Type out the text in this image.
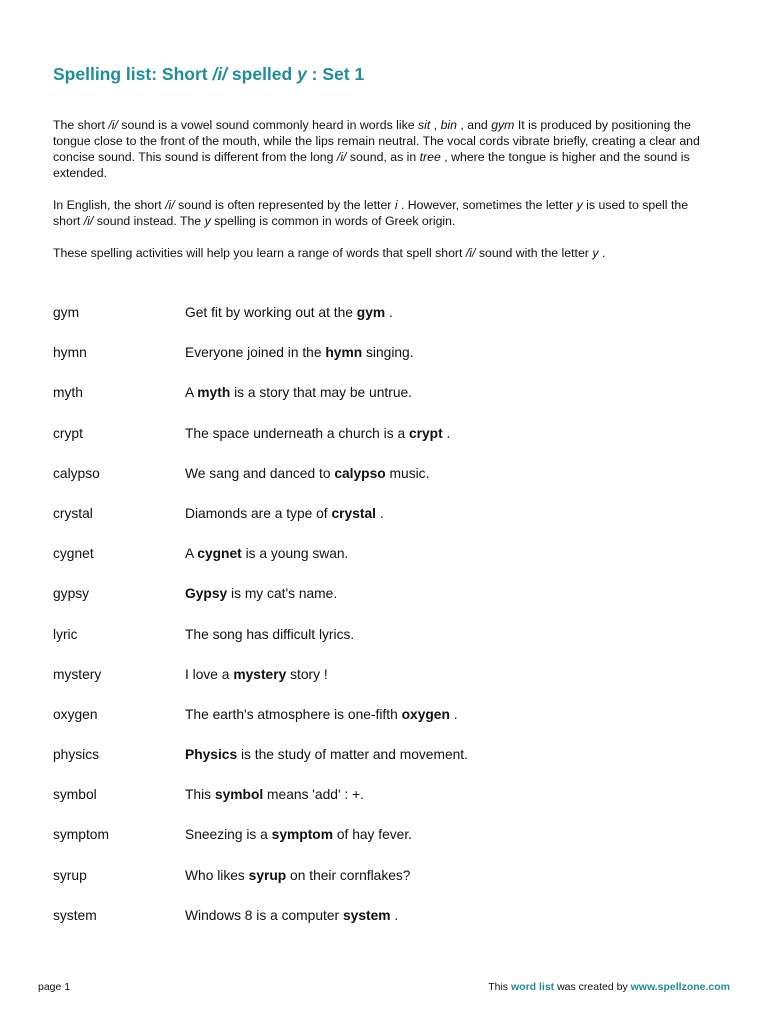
Spelling list: Short /i/ spelled y : Set 1

The short /i/ sound is a vowel sound commonly heard in words like sit , bin , and gym It is produced by positioning the tongue close to the front of the mouth, while the lips remain neutral. The vocal cords vibrate briefly, creating a clear and concise sound. This sound is different from the long /i/ sound, as in tree , where the tongue is higher and the sound is extended.

In English, the short /i/ sound is often represented by the letter i . However, sometimes the letter y is used to spell the short /i/ sound instead. The y spelling is common in words of Greek origin.

These spelling activities will help you learn a range of words that spell short /i/ sound with the letter y .

gym	Get fit by working out at the gym .
hymn	Everyone joined in the hymn singing.
myth	A myth is a story that may be untrue.
crypt	The space underneath a church is a crypt .
calypso	We sang and danced to calypso music.
crystal	Diamonds are a type of crystal .
cygnet	A cygnet is a young swan.
gypsy	Gypsy is my cat's name.
lyric	The song has difficult lyrics.
mystery	I love a mystery story !
oxygen	The earth's atmosphere is one-fifth oxygen .
physics	Physics is the study of matter and movement.
symbol	This symbol means 'add' : +.
symptom	Sneezing is a symptom of hay fever.
syrup	Who likes syrup on their cornflakes?
system	Windows 8 is a computer system .
page 1	This word list was created by www.spellzone.com
